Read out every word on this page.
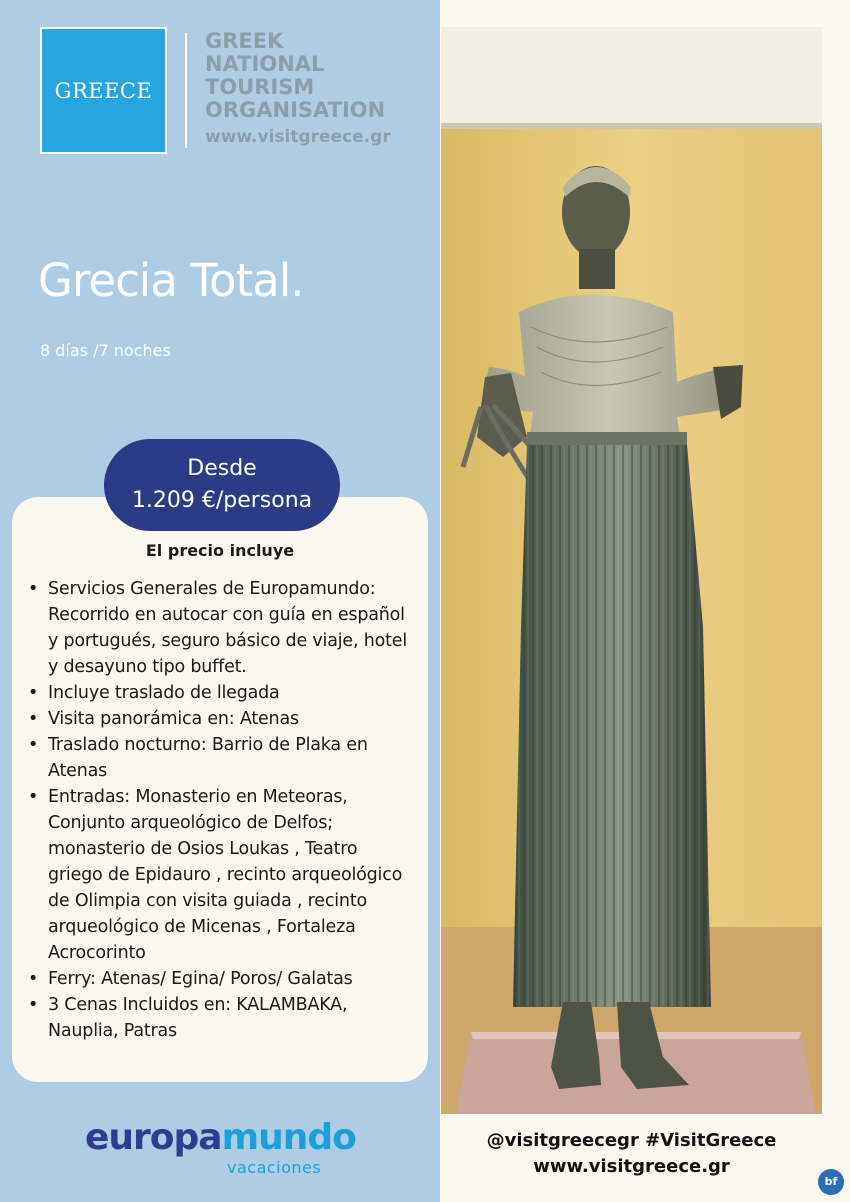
GREECE
GREEK
NATIONAL
TOURISM
ORGANISATION
www.visitgreece.gr
Grecia Total.
8 días /7 noches
El precio incluye
• Servicios Generales de Europamundo: Recorrido en autocar con guía en español y portugués, seguro básico de viaje, hotel y desayuno tipo buffet.
• Incluye traslado de llegada
• Visita panorámica en: Atenas
• Traslado nocturno: Barrio de Plaka en Atenas
• Entradas: Monasterio en Meteoras, Conjunto arqueológico de Delfos; monasterio de Osios Loukas , Teatro griego de Epidauro , recinto arqueológico de Olimpia con visita guiada , recinto arqueológico de Micenas , Fortaleza Acrocorinto
• Ferry: Atenas/ Egina/ Poros/ Galatas
• 3 Cenas Incluidos en: KALAMBAKA, Nauplia, Patras
Desde
1.209 €/persona
europamundo
vacaciones
@visitgreecegr #VisitGreece
www.visitgreece.gr
bf
